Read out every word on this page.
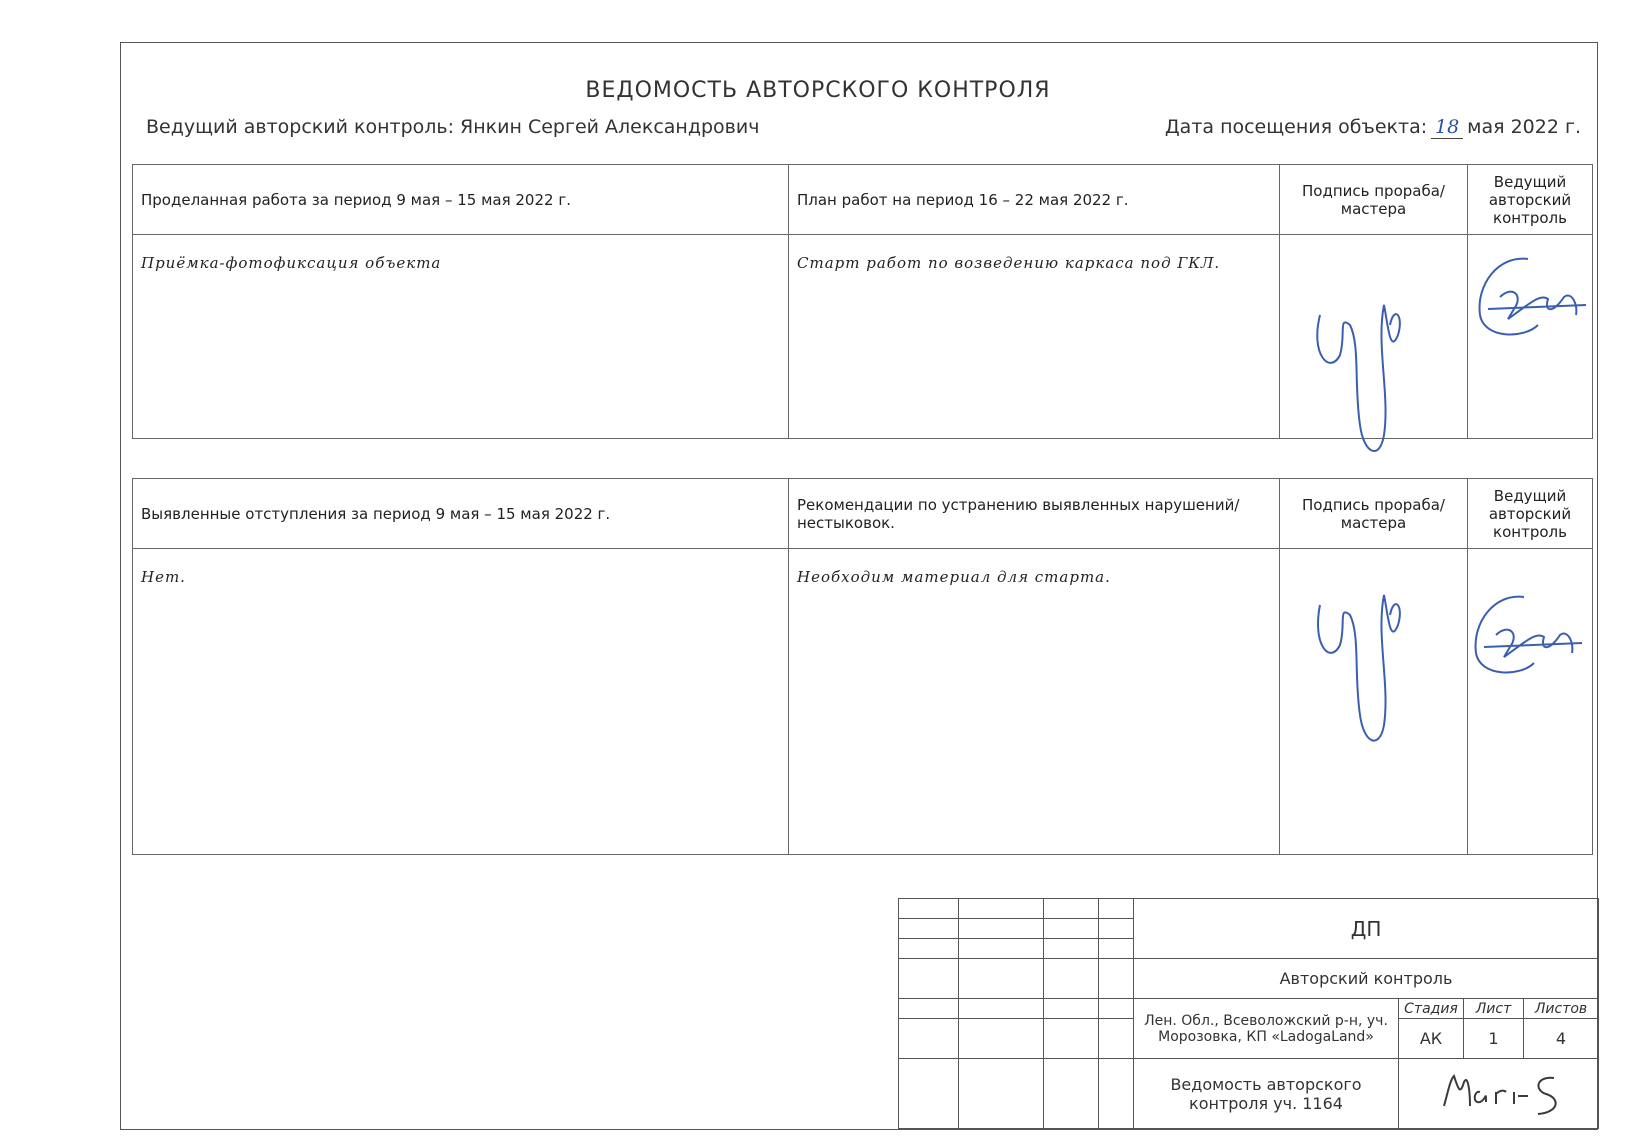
ВЕДОМОСТЬ АВТОРСКОГО КОНТРОЛЯ
Ведущий авторский контроль: Янкин Сергей Александрович	Дата посещения объекта: 18 мая 2022 г.
Проделанная работа за период 9 мая – 15 мая 2022 г.	План работ на период 16 – 22 мая 2022 г.	Подпись прораба/мастера	Ведущий авторский контроль
Приёмка-фотофиксация объекта	Старт работ по возведению каркаса под ГКЛ.	

Выявленные отступления за период 9 мая – 15 мая 2022 г.	Рекомендации по устранению выявленных нарушений/нестыковок.	Подпись прораба/мастера	Ведущий авторский контроль
Нет.	Необходим материал для старта.	

				ДП			

				Авторский контроль			
				Лен. Обл., Всеволожский р-н, уч. Морозовка, КП «LadogaLand»	Стадия	Лист	Листов
					АК	1	4
				Ведомость авторского контроля уч. 1164	
